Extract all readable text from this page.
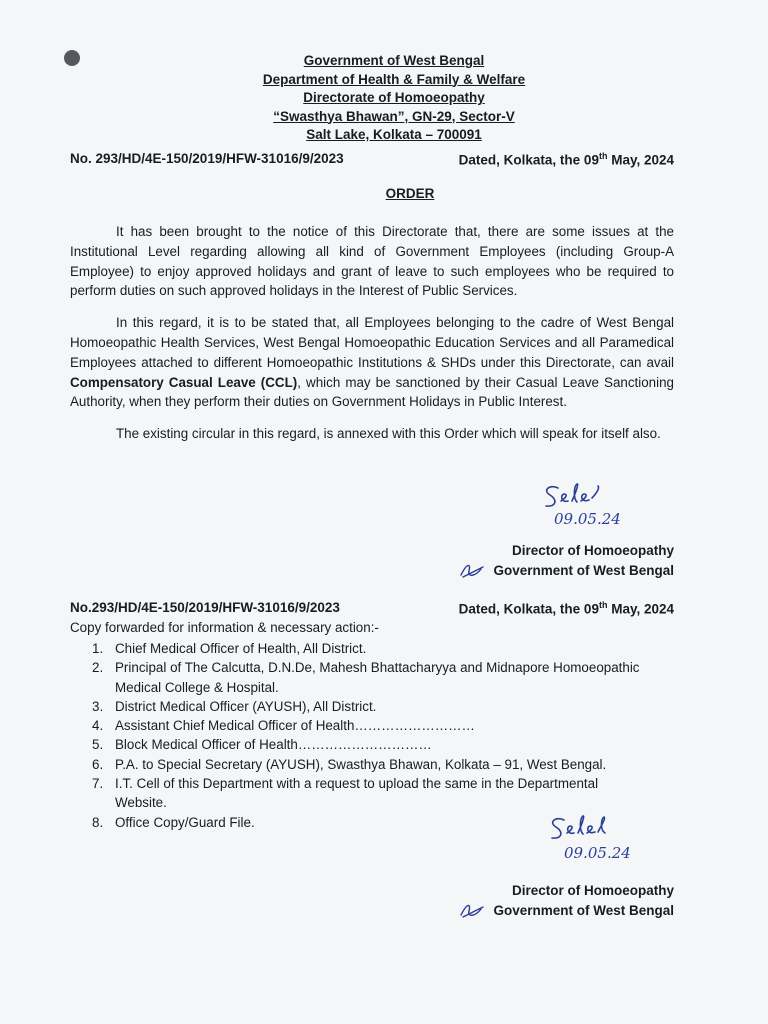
Government of West Bengal
Department of Health & Family & Welfare
Directorate of Homoeopathy
“Swasthya Bhawan”, GN-29, Sector-V
Salt Lake, Kolkata – 700091
No. 293/HD/4E-150/2019/HFW-31016/9/2023	Dated, Kolkata, the 09th May, 2024
ORDER

It has been brought to the notice of this Directorate that, there are some issues at the Institutional Level regarding allowing all kind of Government Employees (including Group-A Employee) to enjoy approved holidays and grant of leave to such employees who be required to perform duties on such approved holidays in the Interest of Public Services.

In this regard, it is to be stated that, all Employees belonging to the cadre of West Bengal Homoeopathic Health Services, West Bengal Homoeopathic Education Services and all Paramedical Employees attached to different Homoeopathic Institutions & SHDs under this Directorate, can avail Compensatory Casual Leave (CCL), which may be sanctioned by their Casual Leave Sanctioning Authority, when they perform their duties on Government Holidays in Public Interest.

The existing circular in this regard, is annexed with this Order which will speak for itself also.

09.05.24
Director of Homoeopathy
Government of West Bengal
No.293/HD/4E-150/2019/HFW-31016/9/2023	Dated, Kolkata, the 09th May, 2024
Copy forwarded for information & necessary action:-
1. Chief Medical Officer of Health, All District.
2. Principal of The Calcutta, D.N.De, Mahesh Bhattacharyya and Midnapore Homoeopathic Medical College & Hospital.
3. District Medical Officer (AYUSH), All District.
4. Assistant Chief Medical Officer of Health………………………
5. Block Medical Officer of Health…………………………
6. P.A. to Special Secretary (AYUSH), Swasthya Bhawan, Kolkata – 91, West Bengal.
7. I.T. Cell of this Department with a request to upload the same in the Departmental Website.
8. Office Copy/Guard File.
09.05.24
Director of Homoeopathy
Government of West Bengal
